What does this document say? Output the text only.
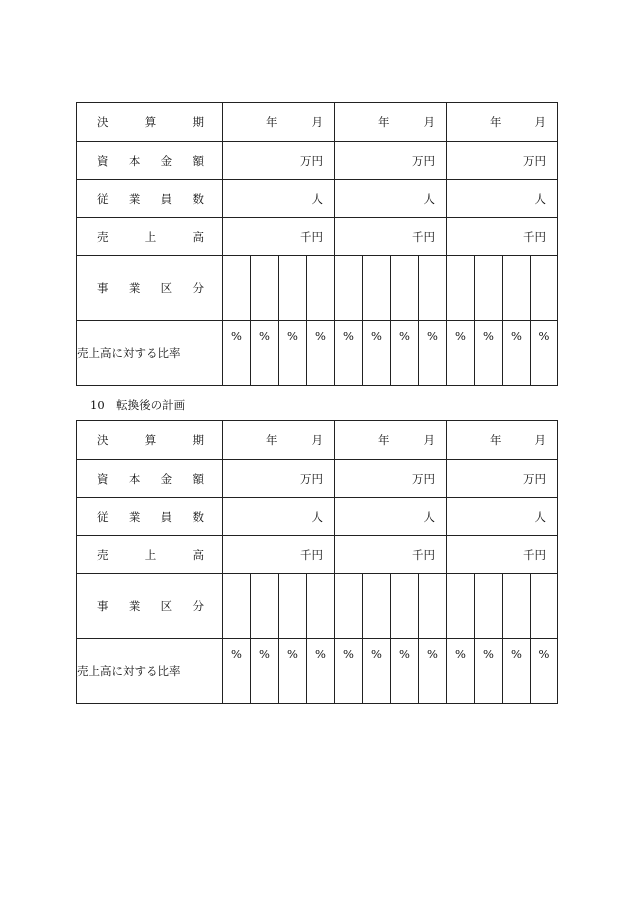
決 算 期	年 月				年 月				年 月			

資 本 金 額	万円				万円				万円			

従 業 員 数	人				人				人			

売 上 高	千円				千円				千円			

事 業 区 分												

売上高に対する比率	%	%	%	%	%	%	%	%	%	%	%	%
10　転換後の計画
決 算 期	年 月				年 月				年 月			

資 本 金 額	万円				万円				万円			

従 業 員 数	人				人				人			

売 上 高	千円				千円				千円			

事 業 区 分												

売上高に対する比率	%	%	%	%	%	%	%	%	%	%	%	%
